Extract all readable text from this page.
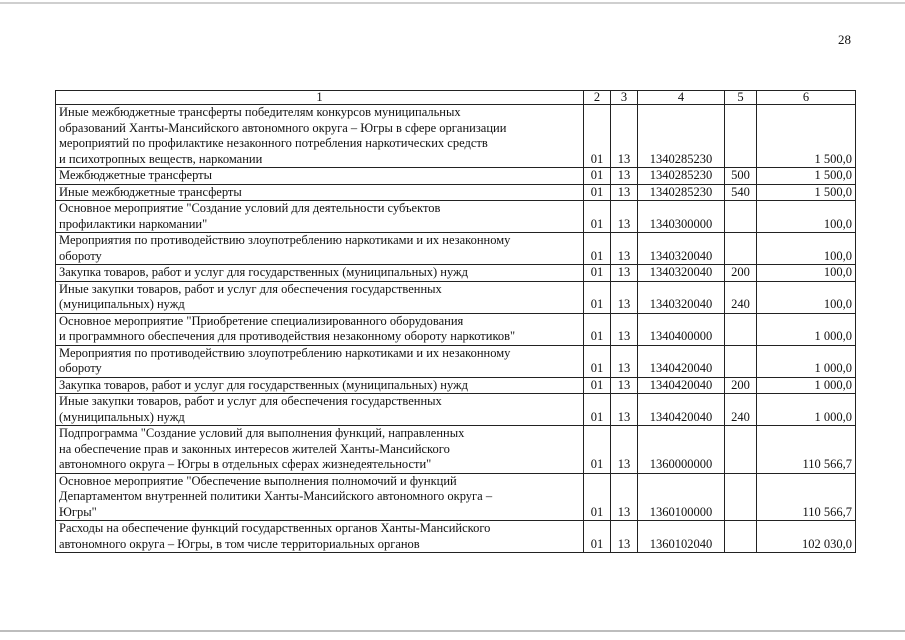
28
1	2	3	4	5	6
Иные межбюджетные трансферты победителям конкурсов муниципальных
образований Ханты-Мансийского автономного округа – Югры в сфере организации
мероприятий по профилактике незаконного потребления наркотических средств
и психотропных веществ, наркомании	01	13	1340285230		1 500,0
Межбюджетные трансферты	01	13	1340285230	500	1 500,0
Иные межбюджетные трансферты	01	13	1340285230	540	1 500,0
Основное мероприятие "Создание условий для деятельности субъектов
профилактики наркомании"	01	13	1340300000		100,0
Мероприятия по противодействию злоупотреблению наркотиками и их незаконному
обороту	01	13	1340320040		100,0
Закупка товаров, работ и услуг для государственных (муниципальных) нужд	01	13	1340320040	200	100,0
Иные закупки товаров, работ и услуг для обеспечения государственных
(муниципальных) нужд	01	13	1340320040	240	100,0
Основное мероприятие "Приобретение специализированного оборудования
и программного обеспечения для противодействия незаконному обороту наркотиков"	01	13	1340400000		1 000,0
Мероприятия по противодействию злоупотреблению наркотиками и их незаконному
обороту	01	13	1340420040		1 000,0
Закупка товаров, работ и услуг для государственных (муниципальных) нужд	01	13	1340420040	200	1 000,0
Иные закупки товаров, работ и услуг для обеспечения государственных
(муниципальных) нужд	01	13	1340420040	240	1 000,0
Подпрограмма "Создание условий для выполнения функций, направленных
на обеспечение прав и законных интересов жителей Ханты-Мансийского
автономного округа – Югры в отдельных сферах жизнедеятельности"	01	13	1360000000		110 566,7
Основное мероприятие "Обеспечение выполнения полномочий и функций
Департаментом внутренней политики Ханты-Мансийского автономного округа –
Югры"	01	13	1360100000		110 566,7
Расходы на обеспечение функций государственных органов Ханты-Мансийского
автономного округа – Югры, в том числе территориальных органов	01	13	1360102040		102 030,0
